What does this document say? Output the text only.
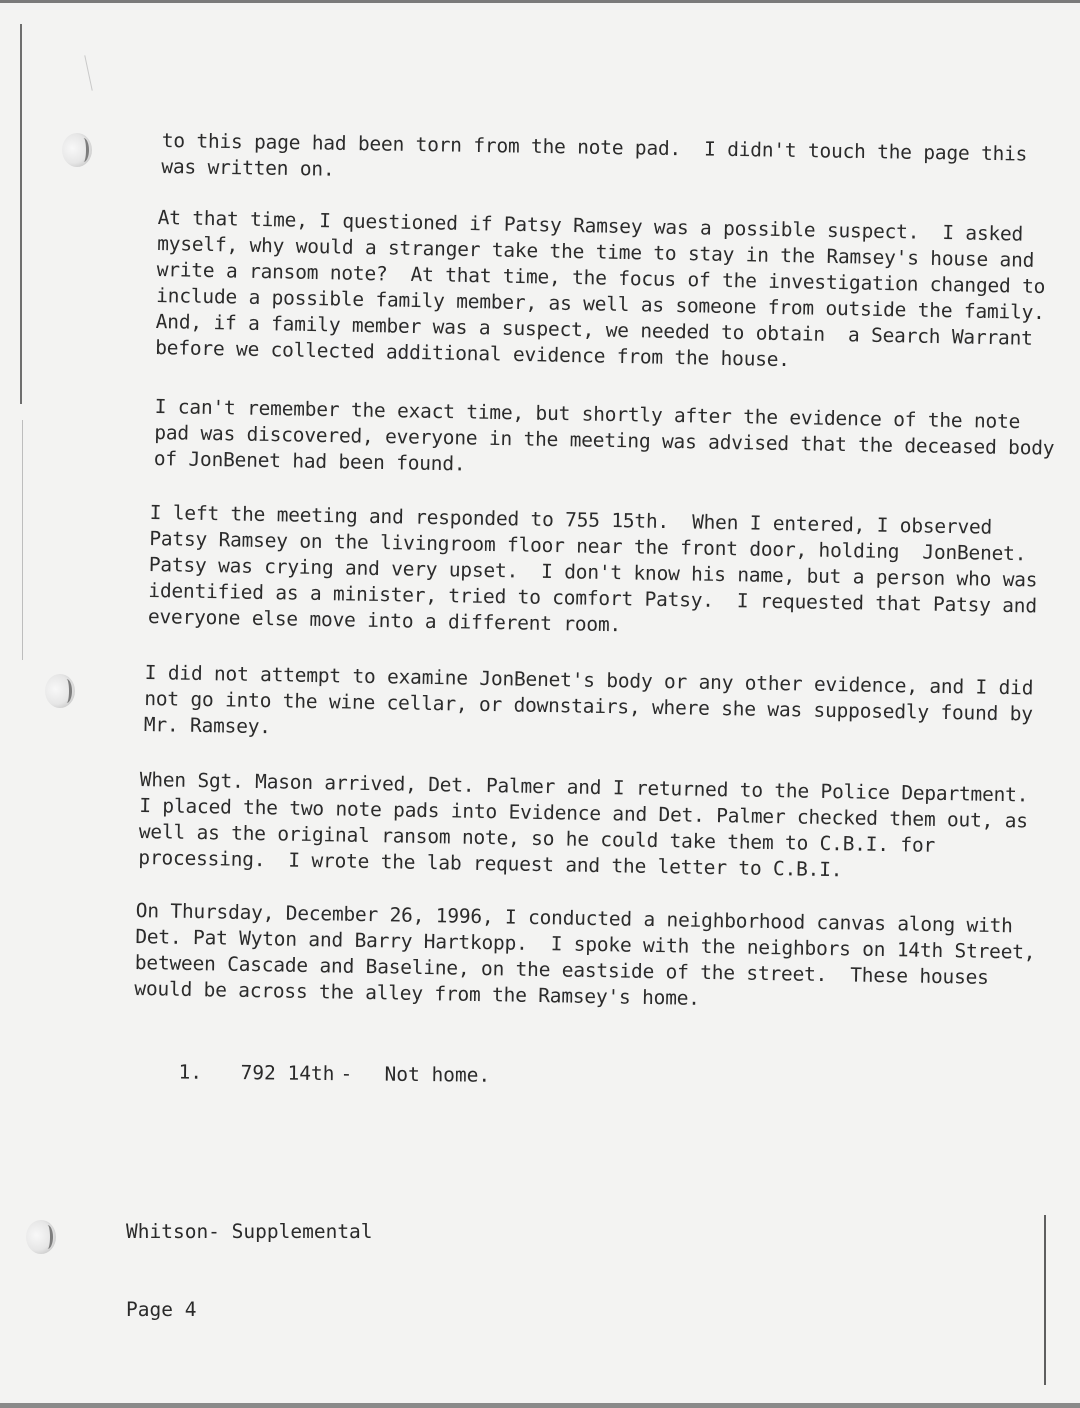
to this page had been torn from the note pad.  I didn't touch the page this
was written on.
At that time, I questioned if Patsy Ramsey was a possible suspect.  I asked
myself, why would a stranger take the time to stay in the Ramsey's house and
write a ransom note?  At that time, the focus of the investigation changed to
include a possible family member, as well as someone from outside the family.
And, if a family member was a suspect, we needed to obtain  a Search Warrant
before we collected additional evidence from the house.
I can't remember the exact time, but shortly after the evidence of the note
pad was discovered, everyone in the meeting was advised that the deceased body
of JonBenet had been found.
I left the meeting and responded to 755 15th.  When I entered, I observed
Patsy Ramsey on the livingroom floor near the front door, holding  JonBenet.
Patsy was crying and very upset.  I don't know his name, but a person who was
identified as a minister, tried to comfort Patsy.  I requested that Patsy and
everyone else move into a different room.
I did not attempt to examine JonBenet's body or any other evidence, and I did
not go into the wine cellar, or downstairs, where she was supposedly found by
Mr. Ramsey.
When Sgt. Mason arrived, Det. Palmer and I returned to the Police Department.
I placed the two note pads into Evidence and Det. Palmer checked them out, as
well as the original ransom note, so he could take them to C.B.I. for
processing.  I wrote the lab request and the letter to C.B.I.
On Thursday, December 26, 1996, I conducted a neighborhood canvas along with
Det. Pat Wyton and Barry Hartkopp.  I spoke with the neighbors on 14th Street,
between Cascade and Baseline, on the eastside of the street.  These houses
would be across the alley from the Ramsey's home.

1. 792 14th - Not home.

Whitson- Supplemental

Page 4
